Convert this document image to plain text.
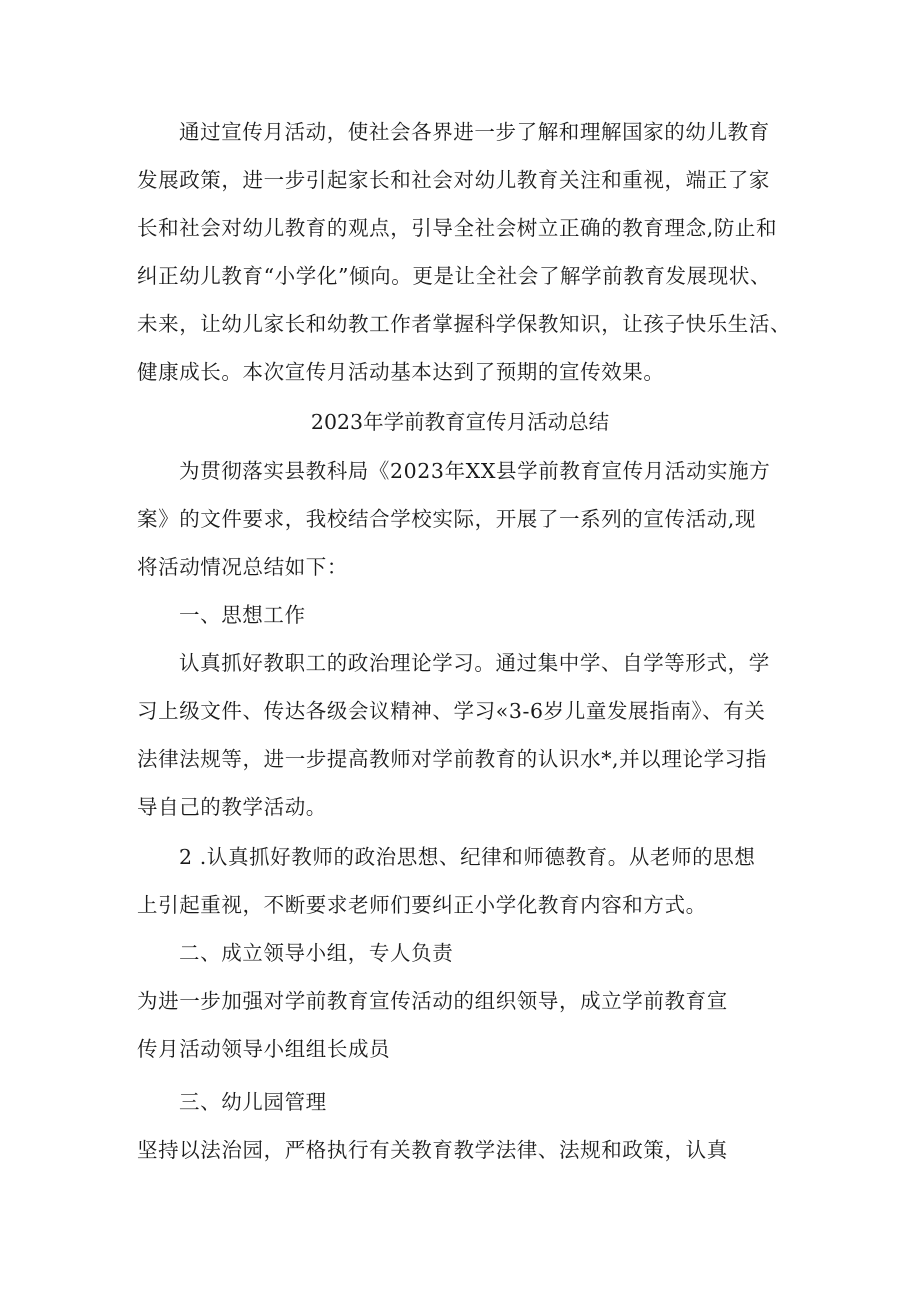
通过宣传月活动，使社会各界进一步了解和理解国家的幼儿教育
发展政策，进一步引起家长和社会对幼儿教育关注和重视，端正了家
长和社会对幼儿教育的观点，引导全社会树立正确的教育理念,防止和
纠正幼儿教育“小学化”倾向。更是让全社会了解学前教育发展现状、
未来，让幼儿家长和幼教工作者掌握科学保教知识，让孩子快乐生活、
健康成长。本次宣传月活动基本达到了预期的宣传效果。
2023年学前教育宣传月活动总结
为贯彻落实县教科局《2023年XX县学前教育宣传月活动实施方
案》的文件要求，我校结合学校实际，开展了一系列的宣传活动,现
将活动情况总结如下：
一、思想工作
认真抓好教职工的政治理论学习。通过集中学、自学等形式，学
习上级文件、传达各级会议精神、学习«3-6岁儿童发展指南》、有关
法律法规等，进一步提高教师对学前教育的认识水*,并以理论学习指
导自己的教学活动。
2 .认真抓好教师的政治思想、纪律和师德教育。从老师的思想
上引起重视，不断要求老师们要纠正小学化教育内容和方式。
二、成立领导小组，专人负责
为进一步加强对学前教育宣传活动的组织领导，成立学前教育宣
传月活动领导小组组长成员
三、幼儿园管理
坚持以法治园，严格执行有关教育教学法律、法规和政策，认真
